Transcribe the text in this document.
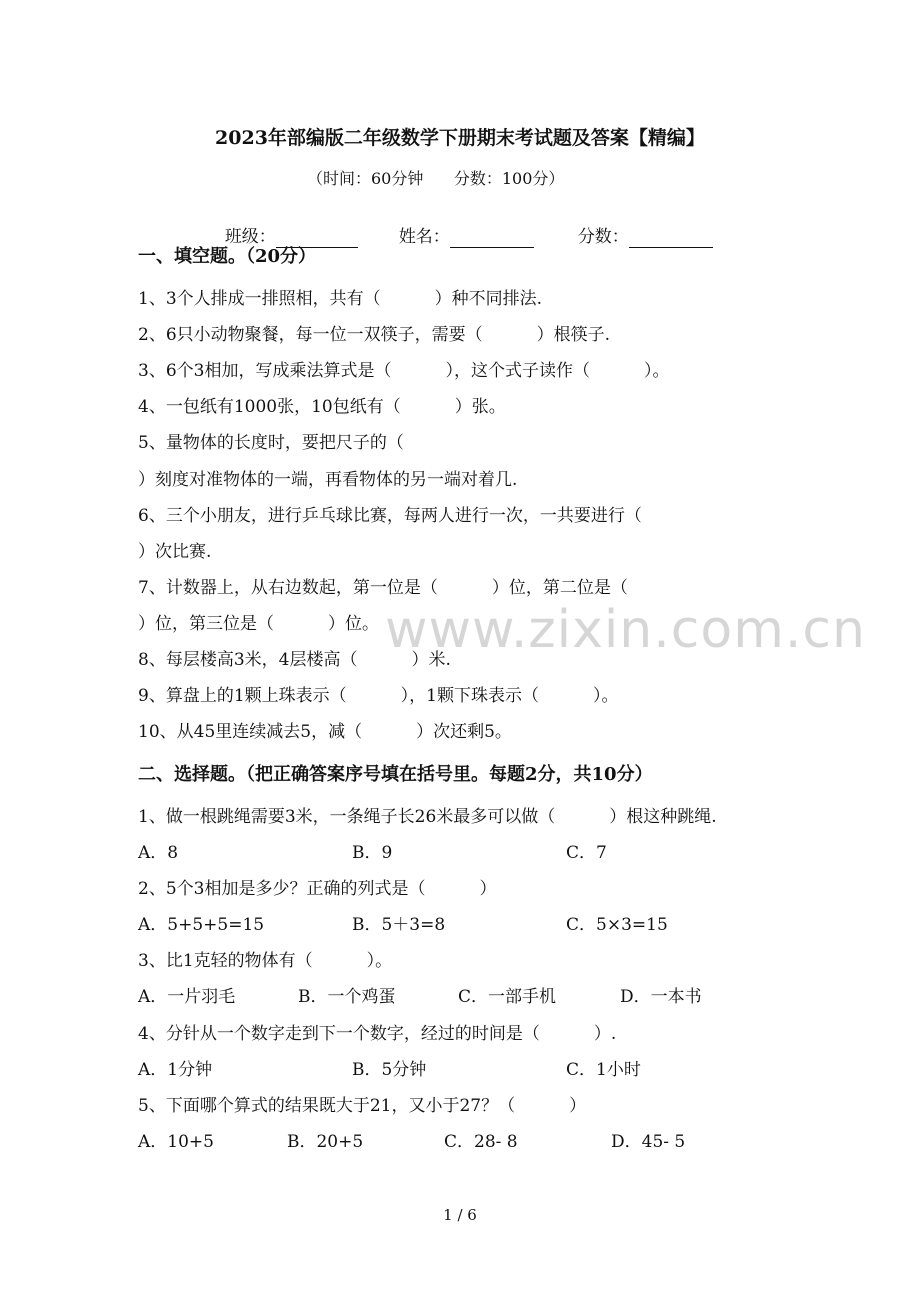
2023年部编版二年级数学下册期末考试题及答案【精编】
（时间：60分钟      分数：100分）

班级：	姓名：	分数：

一、填空题。（20分）
1、3个人排成一排照相，共有（          ）种不同排法.
2、6只小动物聚餐，每一位一双筷子，需要（          ）根筷子.
3、6个3相加，写成乘法算式是（          ），这个式子读作（          ）。
4、一包纸有1000张，10包纸有（          ）张。
5、量物体的长度时，要把尺子的（
）刻度对准物体的一端，再看物体的另一端对着几.
6、三个小朋友，进行乒乓球比赛，每两人进行一次，一共要进行（
）次比赛.
7、计数器上，从右边数起，第一位是（          ）位，第二位是（
）位，第三位是（          ）位。
8、每层楼高3米，4层楼高（          ）米.
9、算盘上的1颗上珠表示（          ），1颗下珠表示（          ）。
10、从45里连续减去5，减（          ）次还剩5。
二、选择题。（把正确答案序号填在括号里。每题2分，共10分）
1、做一根跳绳需要3米，一条绳子长26米最多可以做（          ）根这种跳绳.
A．8	B．9	C．7
2、5个3相加是多少？正确的列式是（          ）
A．5+5+5=15	B．5＋3=8	C．5×3=15
3、比1克轻的物体有（          ）。
A．一片羽毛	B．一个鸡蛋	C．一部手机	D．一本书
4、分针从一个数字走到下一个数字，经过的时间是（          ）.
A．1分钟	B．5分钟	C．1小时
5、下面哪个算式的结果既大于21，又小于27？（          ）
A．10+5	B．20+5	C．28- 8	D．45- 5
www.zixin.com.cn
1 / 6
